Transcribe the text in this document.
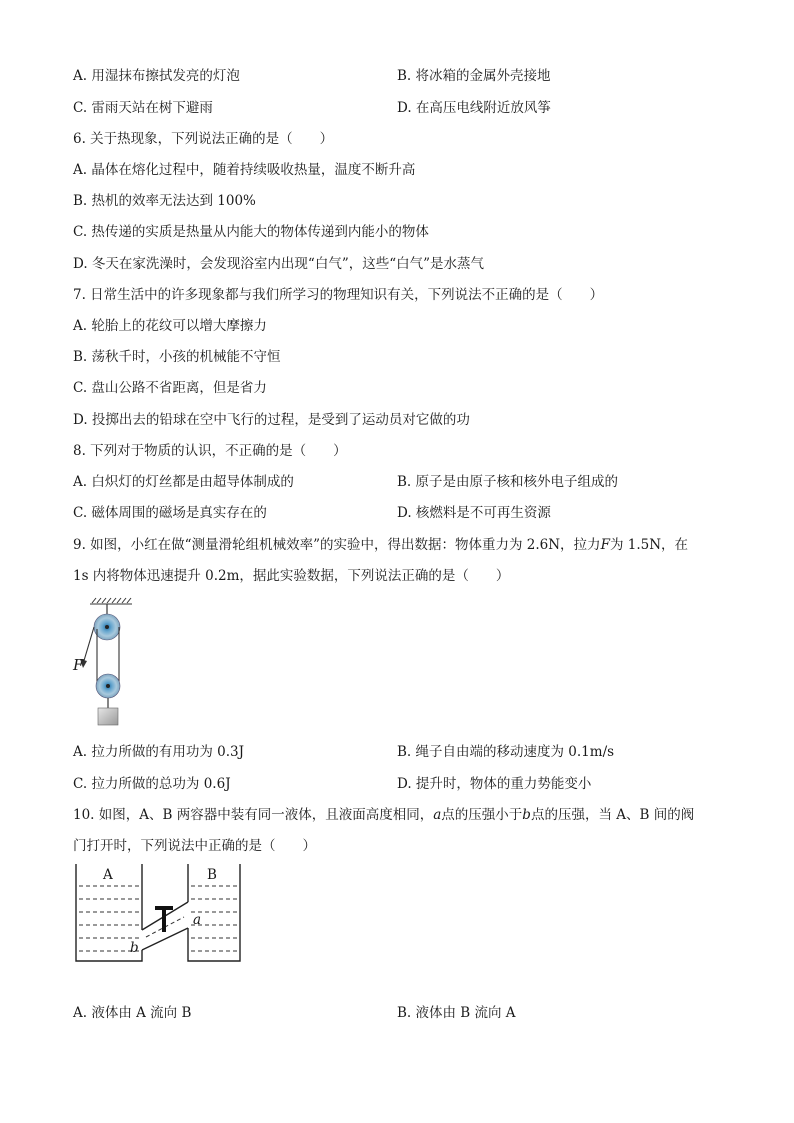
A. 用湿抹布擦拭发亮的灯泡	B. 将冰箱的金属外壳接地
C. 雷雨天站在树下避雨	D. 在高压电线附近放风筝
6. 关于热现象，下列说法正确的是（　　）
A. 晶体在熔化过程中，随着持续吸收热量，温度不断升高
B. 热机的效率无法达到 100%
C. 热传递的实质是热量从内能大的物体传递到内能小的物体
D. 冬天在家洗澡时，会发现浴室内出现“白气”，这些“白气”是水蒸气
7. 日常生活中的许多现象都与我们所学习的物理知识有关，下列说法不正确的是（　　）
A. 轮胎上的花纹可以增大摩擦力
B. 荡秋千时，小孩的机械能不守恒
C. 盘山公路不省距离，但是省力
D. 投掷出去的铅球在空中飞行的过程，是受到了运动员对它做的功
8. 下列对于物质的认识，不正确的是（　　）
A. 白炽灯的灯丝都是由超导体制成的	B. 原子是由原子核和核外电子组成的
C. 磁体周围的磁场是真实存在的	D. 核燃料是不可再生资源
9. 如图，小红在做“测量滑轮组机械效率”的实验中，得出数据：物体重力为 2.6N，拉力F为 1.5N，在
1s 内将物体迅速提升 0.2m，据此实验数据，下列说法正确的是（　　）
F
A. 拉力所做的有用功为 0.3J	B. 绳子自由端的移动速度为 0.1m/s
C. 拉力所做的总功为 0.6J	D. 提升时，物体的重力势能变小
10. 如图，A、B 两容器中装有同一液体，且液面高度相同，a点的压强小于b点的压强，当 A、B 间的阀
门打开时，下列说法中正确的是（　　）
A	B
a
b
A. 液体由 A 流向 B	B. 液体由 B 流向 A
